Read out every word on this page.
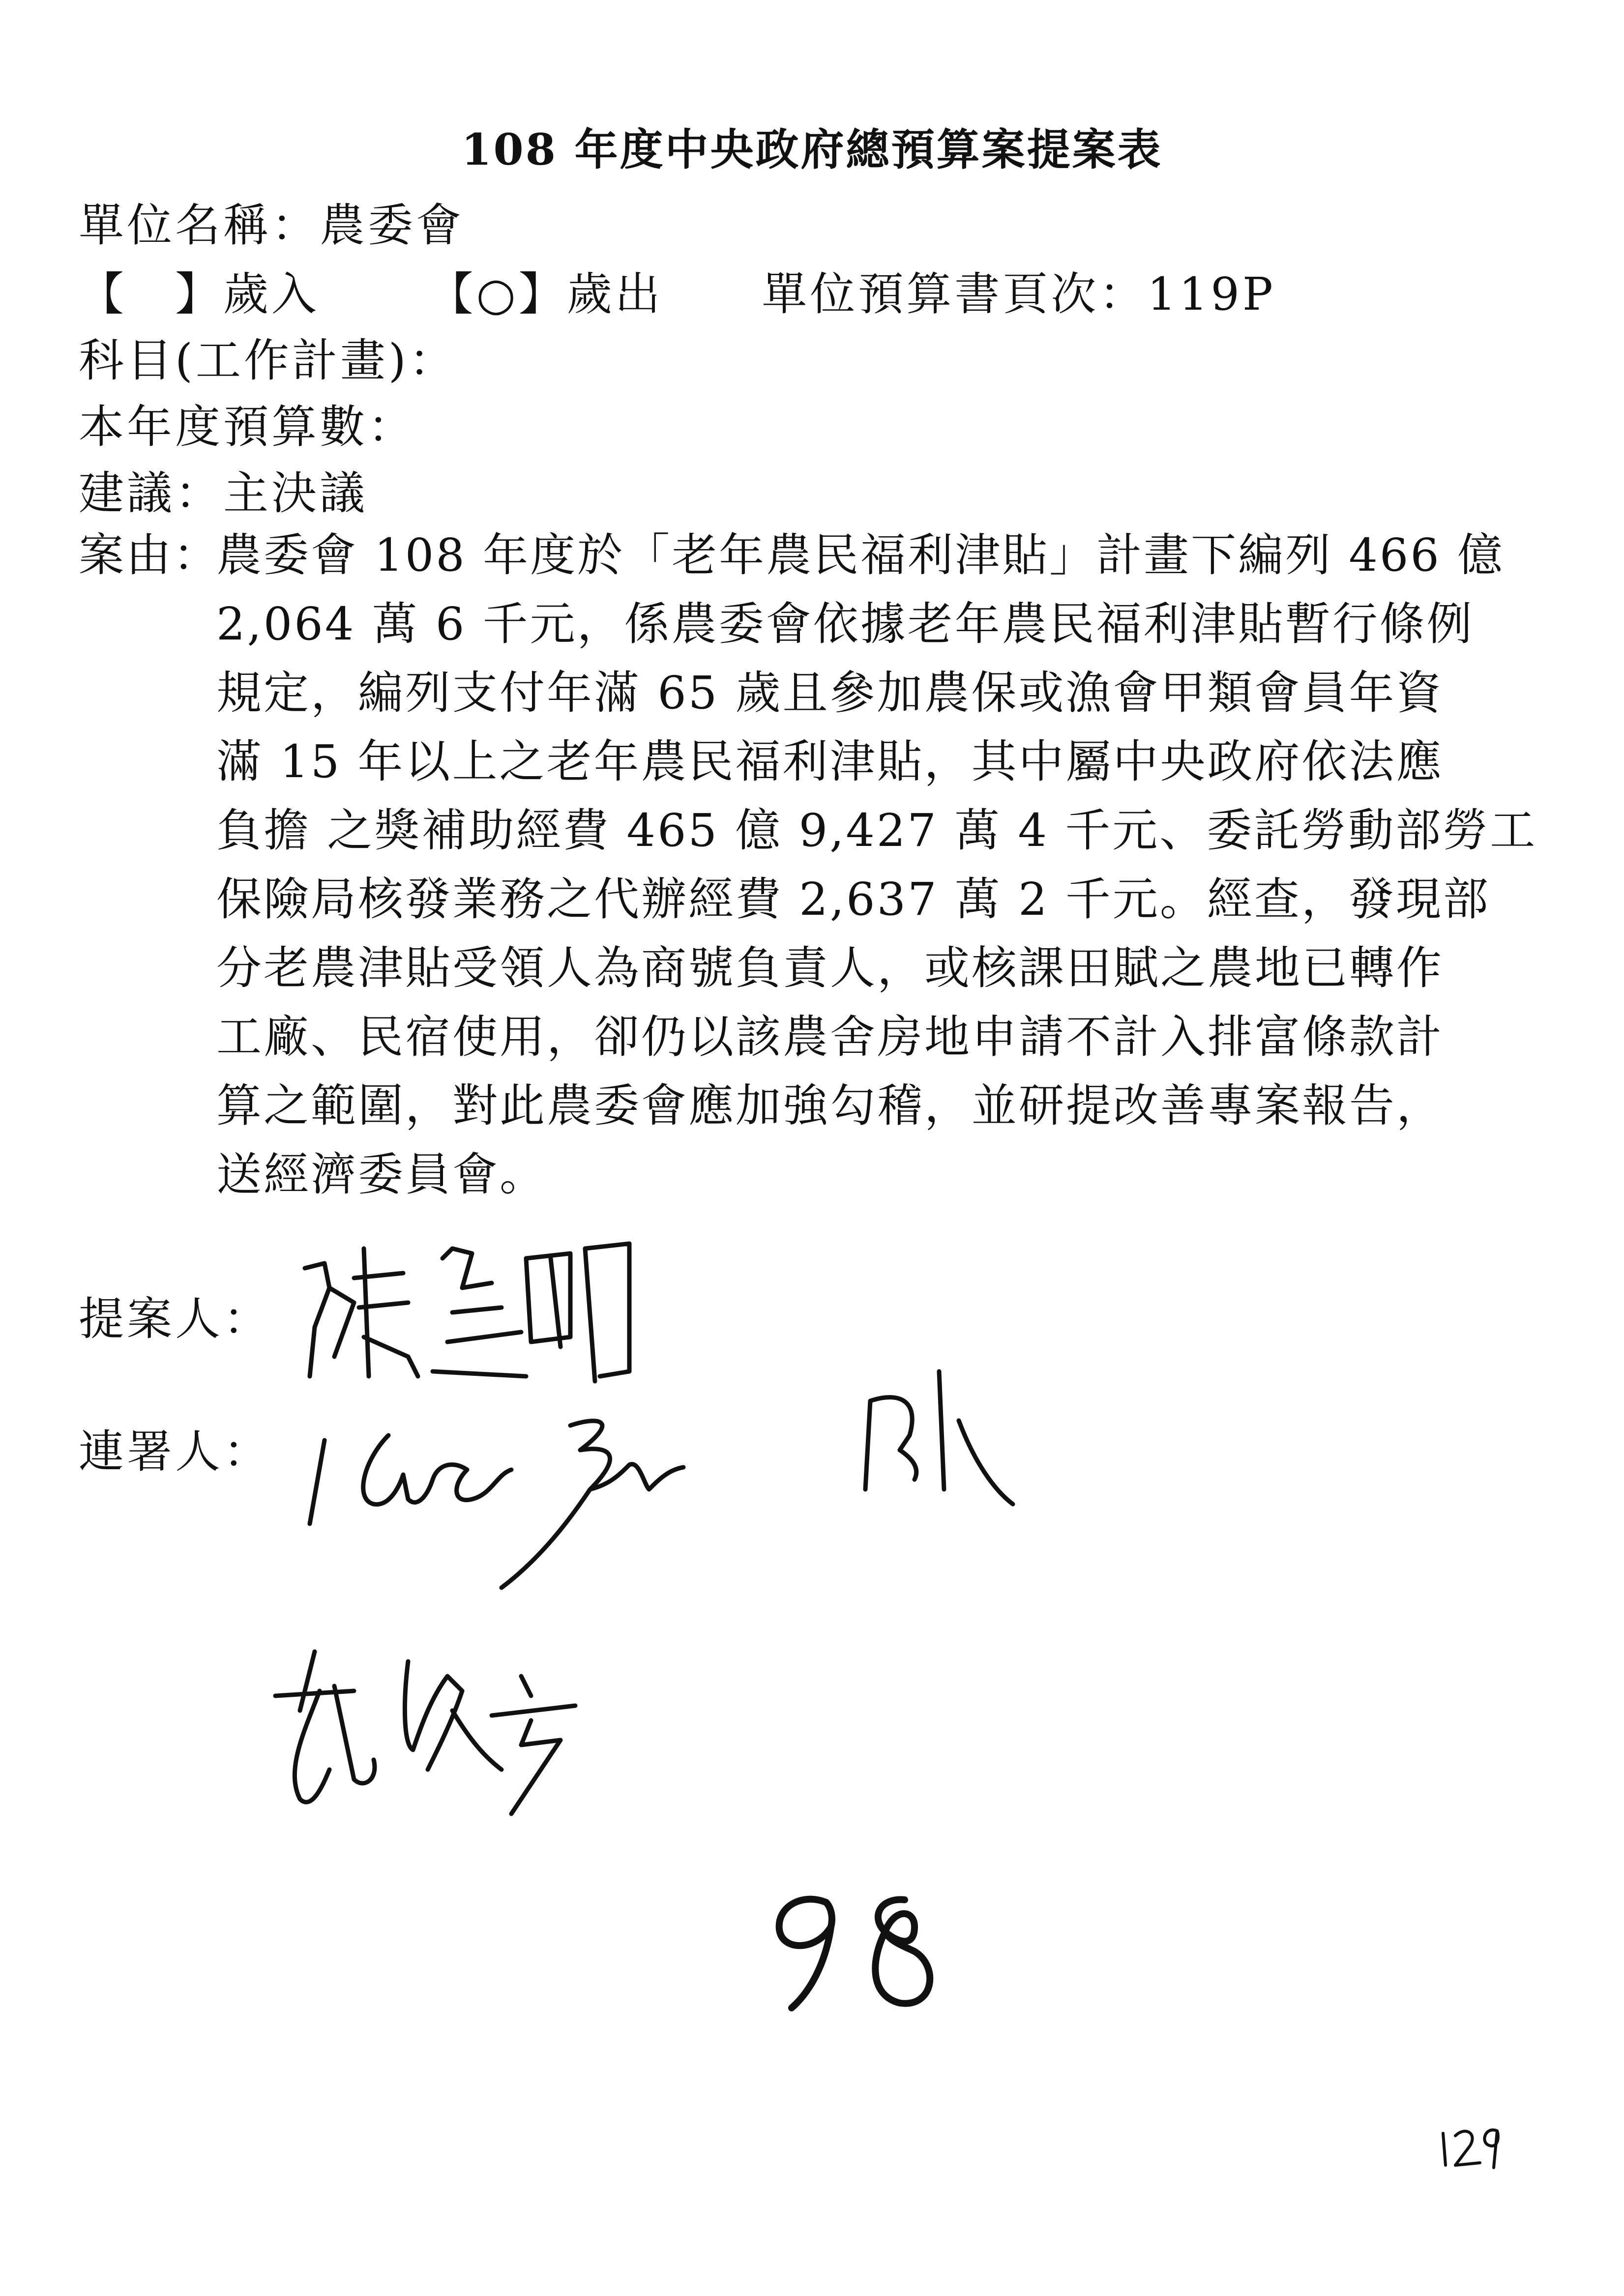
108 年度中央政府總預算案提案表
單位名稱：農委會
【　】歲入 【○】歲出 單位預算書頁次：119P
科目(工作計畫)：
本年度預算數：
建議：主決議
案由：
農委會 108 年度於「老年農民福利津貼」計畫下編列 466 億
2,064 萬 6 千元，係農委會依據老年農民福利津貼暫行條例
規定，編列支付年滿 65 歲且參加農保或漁會甲類會員年資
滿 15 年以上之老年農民福利津貼，其中屬中央政府依法應
負擔 之獎補助經費 465 億 9,427 萬 4 千元、委託勞動部勞工
保險局核發業務之代辦經費 2,637 萬 2 千元。經查，發現部
分老農津貼受領人為商號負責人，或核課田賦之農地已轉作
工廠、民宿使用，卻仍以該農舍房地申請不計入排富條款計
算之範圍，對此農委會應加強勾稽，並研提改善專案報告，
送經濟委員會。
提案人：
連署人：
